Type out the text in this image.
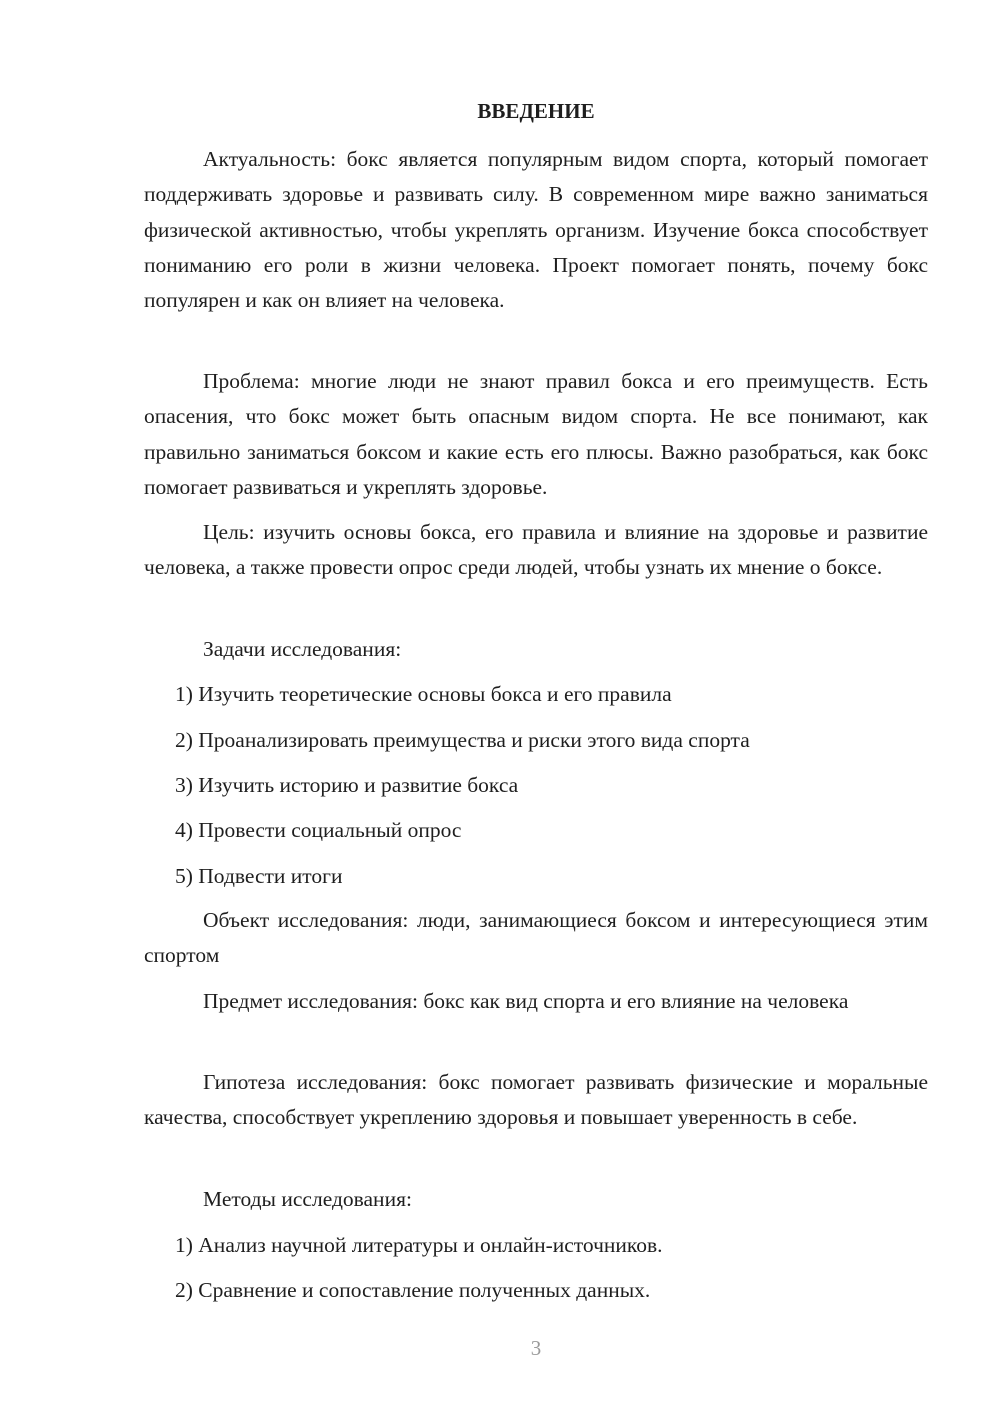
ВВЕДЕНИЕ
Актуальность: бокс является популярным видом спорта, который помогает поддерживать здоровье и развивать силу. В современном мире важно заниматься физической активностью, чтобы укреплять организм. Изучение бокса способствует пониманию его роли в жизни человека. Проект помогает понять, почему бокс популярен и как он влияет на человека.
Проблема: многие люди не знают правил бокса и его преимуществ. Есть опасения, что бокс может быть опасным видом спорта. Не все понимают, как правильно заниматься боксом и какие есть его плюсы. Важно разобраться, как бокс помогает развиваться и укреплять здоровье.
Цель: изучить основы бокса, его правила и влияние на здоровье и развитие человека, а также провести опрос среди людей, чтобы узнать их мнение о боксе.
Задачи исследования:
1) Изучить теоретические основы бокса и его правила
2) Проанализировать преимущества и риски этого вида спорта
3) Изучить историю и развитие бокса
4) Провести социальный опрос
5) Подвести итоги
Объект исследования: люди, занимающиеся боксом и интересующиеся этим спортом
Предмет исследования: бокс как вид спорта и его влияние на человека
Гипотеза исследования: бокс помогает развивать физические и моральные качества, способствует укреплению здоровья и повышает уверенность в себе.
Методы исследования:
1) Анализ научной литературы и онлайн-источников.
2) Сравнение и сопоставление полученных данных.
3
